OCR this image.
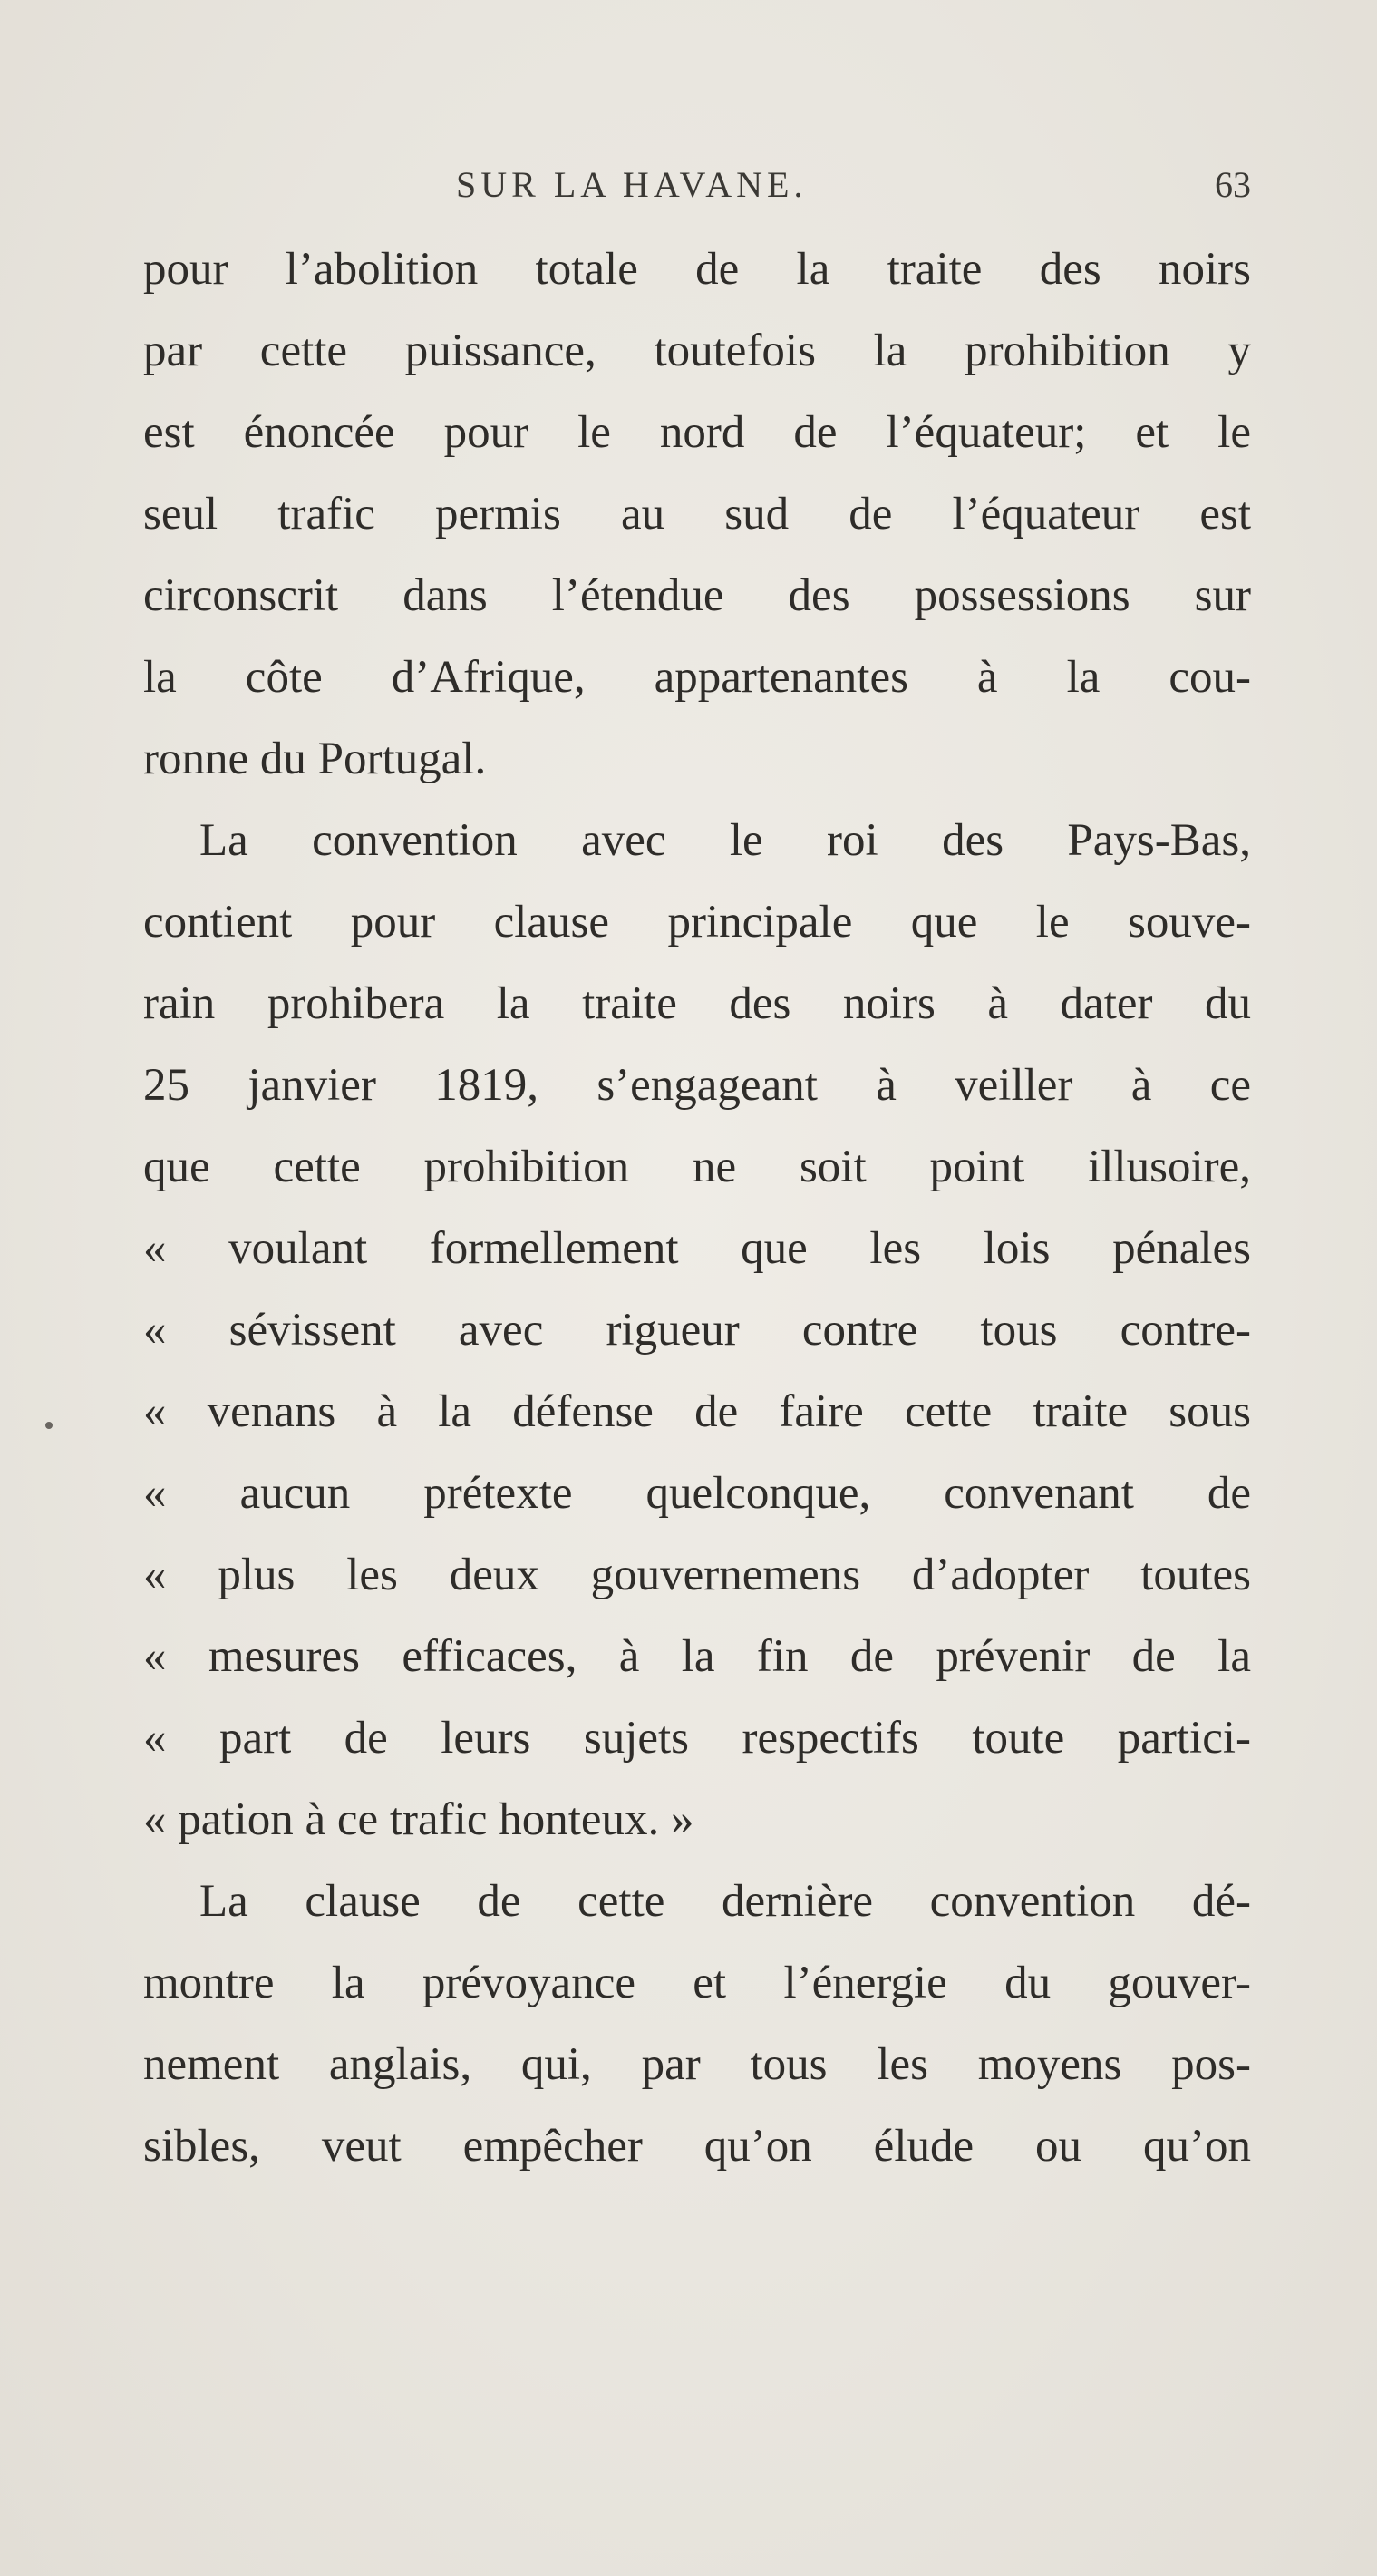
SUR LA HAVANE.	63
pour l’abolition totale de la traite des noirs
par cette puissance, toutefois la prohibition y
est énoncée pour le nord de l’équateur; et le
seul trafic permis au sud de l’équateur est
circonscrit dans l’étendue des possessions sur
la côte d’Afrique, appartenantes à la cou-
ronne du Portugal.
La convention avec le roi des Pays-Bas,
contient pour clause principale que le souve-
rain prohibera la traite des noirs à dater du
25 janvier 1819, s’engageant à veiller à ce
que cette prohibition ne soit point illusoire,
« voulant formellement que les lois pénales
« sévissent avec rigueur contre tous contre-
« venans à la défense de faire cette traite sous
« aucun prétexte quelconque, convenant de
« plus les deux gouvernemens d’adopter toutes
« mesures efficaces, à la fin de prévenir de la
« part de leurs sujets respectifs toute partici-
« pation à ce trafic honteux. »
La clause de cette dernière convention dé-
montre la prévoyance et l’énergie du gouver-
nement anglais, qui, par tous les moyens pos-
sibles, veut empêcher qu’on élude ou qu’on
